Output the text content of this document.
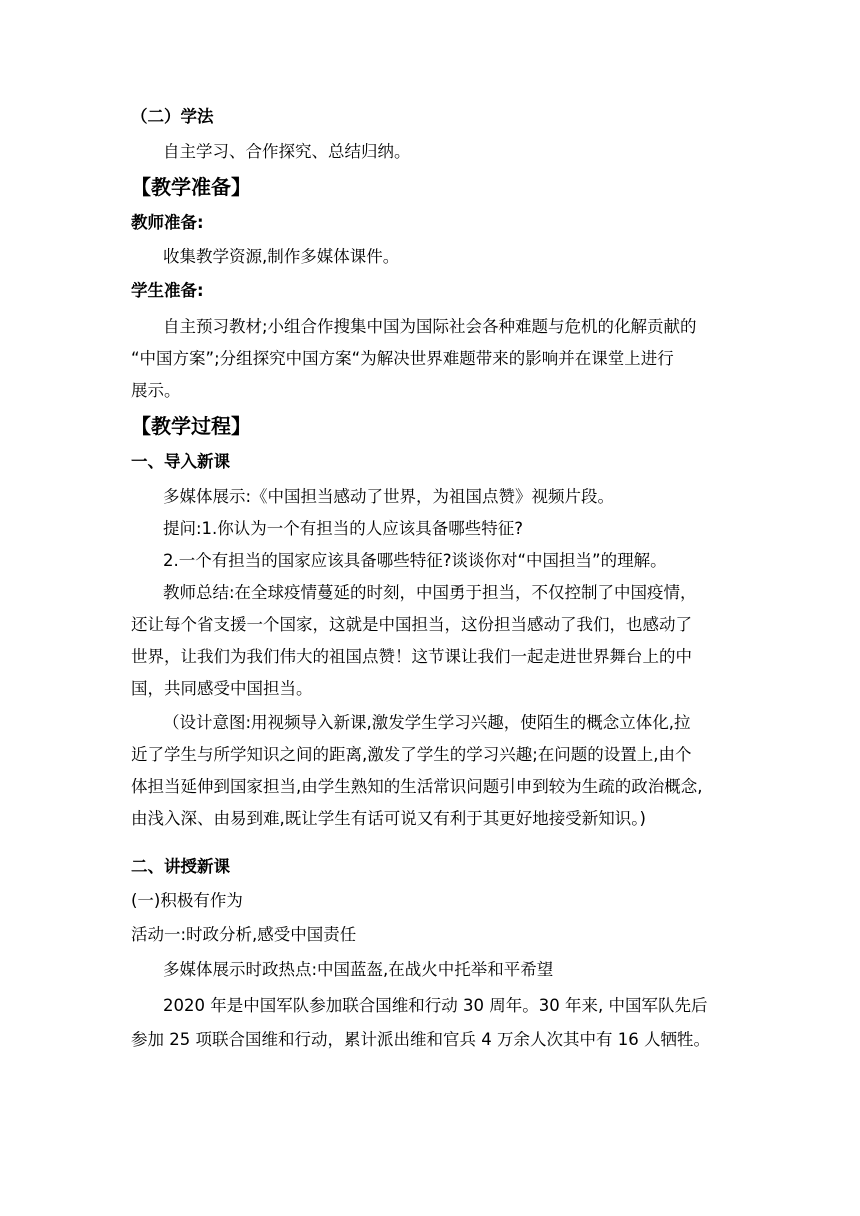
（二）学法
自主学习、合作探究、总结归纳。
【教学准备】
教师准备:
收集教学资源,制作多媒体课件。
学生准备:
自主预习教材;小组合作搜集中国为国际社会各种难题与危机的化解贡献的
“中国方案”;分组探究中国方案“为解决世界难题带来的影响并在课堂上进行
展示。
【教学过程】
一、导入新课
多媒体展示:《中国担当感动了世界，为祖国点赞》视频片段。
提问:1.你认为一个有担当的人应该具备哪些特征?
2.一个有担当的国家应该具备哪些特征?谈谈你对“中国担当”的理解。
教师总结:在全球疫情蔓延的时刻，中国勇于担当，不仅控制了中国疫情，
还让每个省支援一个国家，这就是中国担当，这份担当感动了我们，也感动了
世界，让我们为我们伟大的祖国点赞！这节课让我们一起走进世界舞台上的中
国，共同感受中国担当。
（设计意图:用视频导入新课,激发学生学习兴趣，使陌生的概念立体化,拉
近了学生与所学知识之间的距离,激发了学生的学习兴趣;在问题的设置上,由个
体担当延伸到国家担当,由学生熟知的生活常识问题引申到较为生疏的政治概念,
由浅入深、由易到难,既让学生有话可说又有利于其更好地接受新知识。)
二、讲授新课
(一)积极有作为
活动一:时政分析,感受中国责任
多媒体展示时政热点:中国蓝盔,在战火中托举和平希望
2020 年是中国军队参加联合国维和行动 30 周年。30 年来, 中国军队先后
参加 25 项联合国维和行动，累计派出维和官兵 4 万余人次其中有 16 人牺牲。
